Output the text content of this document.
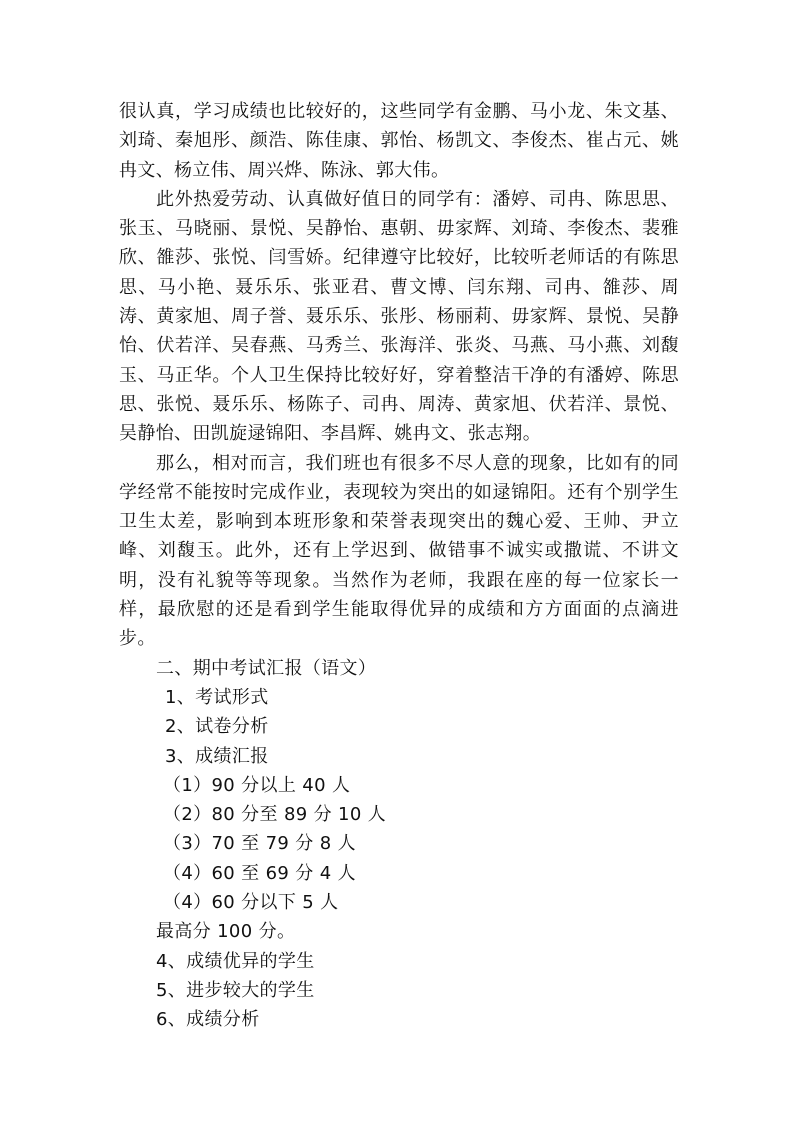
很认真，学习成绩也比较好的，这些同学有金鹏、马小龙、朱文基、刘琦、秦旭彤、颜浩、陈佳康、郭怡、杨凯文、李俊杰、崔占元、姚冉文、杨立伟、周兴烨、陈泳、郭大伟。

此外热爱劳动、认真做好值日的同学有：潘婷、司冉、陈思思、张玉、马晓丽、景悦、吴静怡、惠朝、毋家辉、刘琦、李俊杰、裴雅欣、雒莎、张悦、闫雪娇。纪律遵守比较好，比较听老师话的有陈思思、马小艳、聂乐乐、张亚君、曹文博、闫东翔、司冉、雒莎、周涛、黄家旭、周子誉、聂乐乐、张彤、杨丽莉、毋家辉、景悦、吴静怡、伏若洋、吴春燕、马秀兰、张海洋、张炎、马燕、马小燕、刘馥玉、马正华。个人卫生保持比较好好，穿着整洁干净的有潘婷、陈思思、张悦、聂乐乐、杨陈子、司冉、周涛、黄家旭、伏若洋、景悦、吴静怡、田凯旋逯锦阳、李昌辉、姚冉文、张志翔。

那么，相对而言，我们班也有很多不尽人意的现象，比如有的同学经常不能按时完成作业，表现较为突出的如逯锦阳。还有个别学生卫生太差，影响到本班形象和荣誉表现突出的魏心爱、王帅、尹立峰、刘馥玉。此外，还有上学迟到、做错事不诚实或撒谎、不讲文明，没有礼貌等等现象。当然作为老师，我跟在座的每一位家长一样，最欣慰的还是看到学生能取得优异的成绩和方方面面的点滴进步。

二、期中考试汇报（语文）

1、考试形式

2、试卷分析

3、成绩汇报

（1）90 分以上 40 人

（2）80 分至 89 分 10 人

（3）70 至 79 分 8 人

（4）60 至 69 分 4 人

（4）60 分以下 5 人

最高分 100 分。

4、成绩优异的学生

5、进步较大的学生

6、成绩分析
